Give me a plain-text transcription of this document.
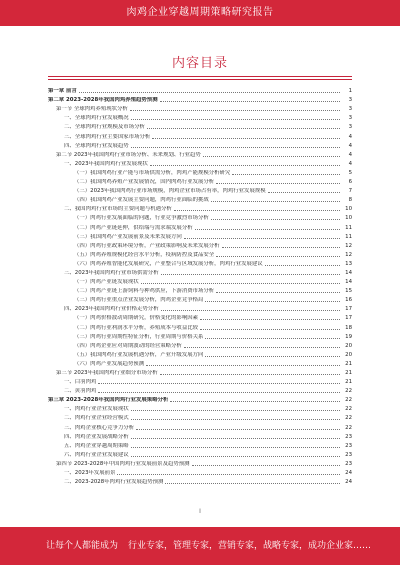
肉鸡企业穿越周期策略研究报告
内容目录
第一章 前言	1
第二章 2023-2028年我国肉鸡养殖趋势预测	3
第一节 全球肉鸡养殖现状分析	3
一、全球肉鸡行业发展概况	3
二、全球肉鸡行业规模及市场分析	3
三、全球肉鸡行业主要国家市场分析	4
四、全球肉鸡行业发展趋势	4
第二节 2023年我国肉鸡行业市场分析、未来规划、行业趋势	4
一、2023年我国肉鸡行业发展现状	4
（一）我国肉鸡行业产能与市场供需分析，肉鸡产能规模分析研究	5
（二）我国肉鸡养殖产业发展情况，国内肉鸡行业发展分析	6
（三）2023年我国肉鸡行业市场规模，肉鸡企业市场占有率，肉鸡行业发展规模	7
（四）我国肉鸡产业发展主要问题，肉鸡行业面临的挑战	8
二、我国肉鸡行业市场的主要问题与机遇分析	10
（一）肉鸡行业发展面临的问题，行业竞争激烈市场分析	10
（二）肉鸡产业链延伸，供给端与需求端发展分析	11
（三）我国肉鸡产业发展前景及未来发展方向	11
（四）肉鸡行业政策环境分析，产业政策影响及未来发展分析	12
（五）肉鸡养殖规模化经营水平分析，疫病防控及食品安全	12
（六）肉鸡养殖智能化发展研究，产业整合与区域发展分析，肉鸡行业发展建议	13
三、2023年我国肉鸡行业市场供需分析	14
（一）肉鸡产业链发展现状	14
（二）肉鸡产业链上游饲料与种鸡供应，下游消费市场分析	15
（三）肉鸡行业重点企业发展分析，肉鸡企业竞争格局	16
四、2023年我国肉鸡行业价格走势分析	17
（一）肉鸡价格波动周期研究，价格变化的影响因素	17
（二）肉鸡行业利润水平分析，养殖成本与收益比较	18
（三）肉鸡行业周期性特征分析，行业周期与价格关系	19
（四）肉鸡企业应对周期波动的经营策略分析	20
（五）我国肉鸡行业发展机遇分析，产业升级发展方向	20
（六）肉鸡产业发展趋势预测	21
第三节 2023年我国肉鸡行业细分市场分析	21
一、白羽肉鸡	21
二、黄羽肉鸡	22
第三章 2023-2028年我国肉鸡行业发展策略分析	22
一、肉鸡行业企业发展现状	22
二、肉鸡行业企业经营模式	22
三、肉鸡企业核心竞争力分析	22
四、肉鸡企业发展战略分析	23
五、肉鸡企业穿越周期策略	23
六、肉鸡行业企业发展建议	23
第四节 2023-2028年中国肉鸡行业发展前景及趋势预测	23
一、2023年发展前景	24
二、2023-2028年肉鸡行业发展趋势预测	24
I
让每个人都能成为 行业专家，管理专家，营销专家，战略专家，成功企业家……
